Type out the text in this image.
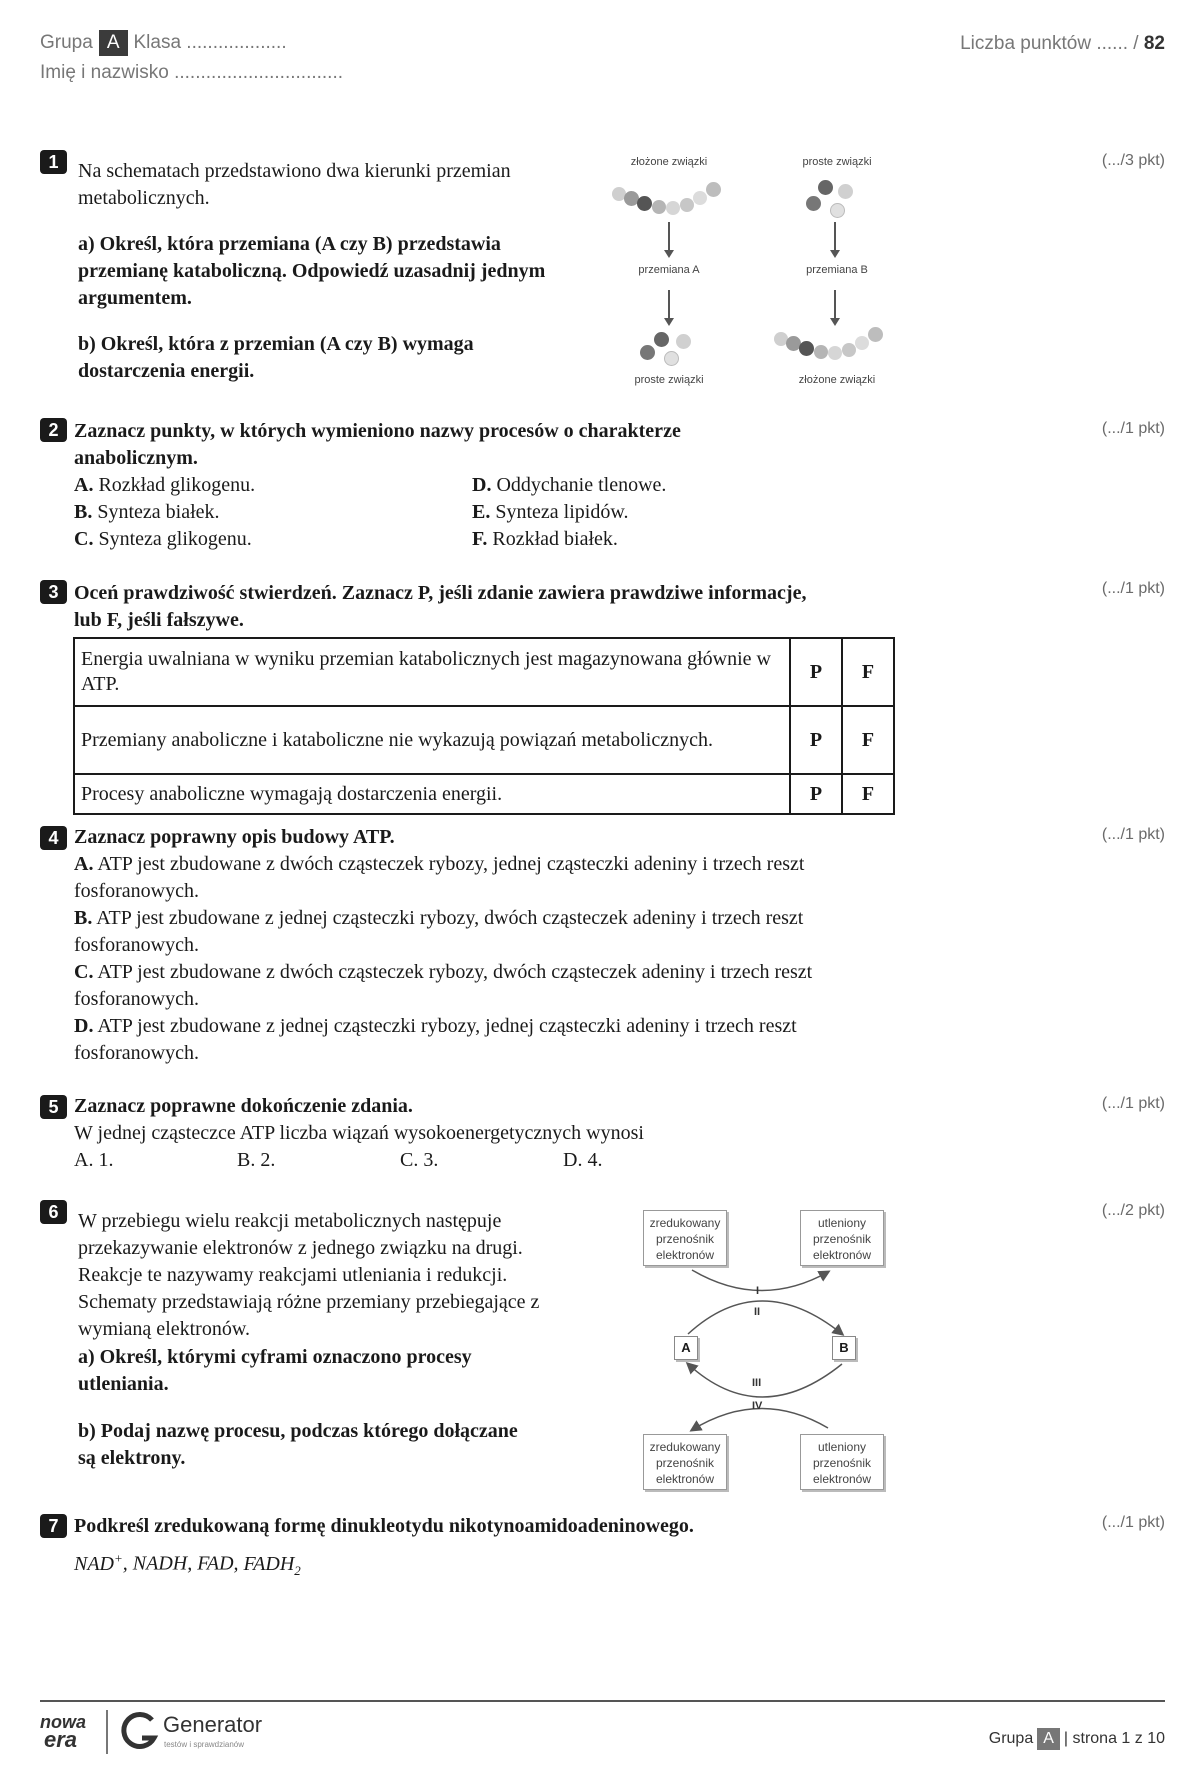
Grupa A Klasa ...................
Imię i nazwisko ................................
Liczba punktów ...... / 82
1	(.../3 pkt)
Na schematach przedstawiono dwa kierunki przemian metabolicznych.
a) Określ, która przemiana (A czy B) przedstawia przemianę kataboliczną. Odpowiedź uzasadnij jednym argumentem.
b) Określ, która z przemian (A czy B) wymaga dostarczenia energii.
złożone związki	proste związki
przemiana A	przemiana B
proste związki	złożone związki
2	(.../1 pkt)
Zaznacz punkty, w których wymieniono nazwy procesów o charakterze anabolicznym.
A. Rozkład glikogenu.
B. Synteza białek.
C. Synteza glikogenu.
D. Oddychanie tlenowe.
E. Synteza lipidów.
F. Rozkład białek.
3	(.../1 pkt)
Oceń prawdziwość stwierdzeń. Zaznacz P, jeśli zdanie zawiera prawdziwe informacje, lub F, jeśli fałszywe.
Energia uwalniana w wyniku przemian katabolicznych jest magazynowana głównie w ATP.	P	F
Przemiany anaboliczne i kataboliczne nie wykazują powiązań metabolicznych.	P	F
Procesy anaboliczne wymagają dostarczenia energii.	P	F
4	(.../1 pkt)
Zaznacz poprawny opis budowy ATP.
A. ATP jest zbudowane z dwóch cząsteczek rybozy, jednej cząsteczki adeniny i trzech reszt fosforanowych.
B. ATP jest zbudowane z jednej cząsteczki rybozy, dwóch cząsteczek adeniny i trzech reszt fosforanowych.
C. ATP jest zbudowane z dwóch cząsteczek rybozy, dwóch cząsteczek adeniny i trzech reszt fosforanowych.
D. ATP jest zbudowane z jednej cząsteczki rybozy, jednej cząsteczki adeniny i trzech reszt fosforanowych.
5	(.../1 pkt)
Zaznacz poprawne dokończenie zdania.
W jednej cząsteczce ATP liczba wiązań wysokoenergetycznych wynosi
A. 1.	B. 2.	C. 3.	D. 4.
6	(.../2 pkt)
W przebiegu wielu reakcji metabolicznych następuje przekazywanie elektronów z jednego związku na drugi. Reakcje te nazywamy reakcjami utleniania i redukcji. Schematy przedstawiają różne przemiany przebiegające z wymianą elektronów.
a) Określ, którymi cyframi oznaczono procesy utleniania.
b) Podaj nazwę procesu, podczas którego dołączane są elektrony.
zredukowany przenośnik elektronów
utleniony przenośnik elektronów
zredukowany przenośnik elektronów
utleniony przenośnik elektronów
A	B
I
II
III
IV
7	(.../1 pkt)
Podkreśl zredukowaną formę dinukleotydu nikotynoamidoadeninowego.
NAD+, NADH, FAD, $FADH_2$
nowa
era
Generator
testów i sprawdzianów	Grupa A | strona 1 z 10
